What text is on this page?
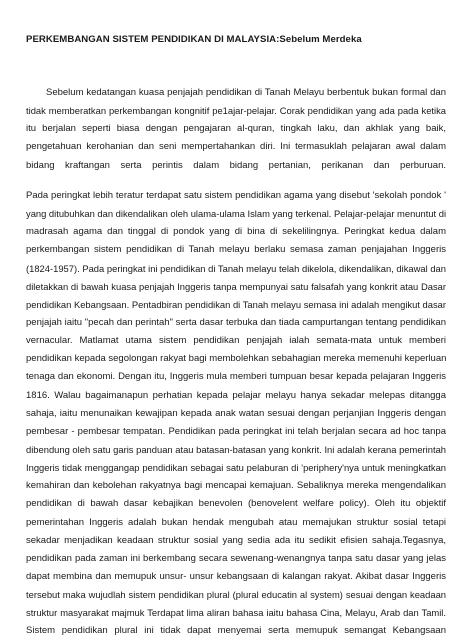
PERKEMBANGAN SISTEM PENDIDIKAN DI MALAYSIA:Sebelum Merdeka
Sebelum kedatangan kuasa penjajah pendidikan di Tanah Melayu berbentuk bukan formal dan
tidak memberatkan perkembangan kongnitif pe1ajar-pelajar. Corak pendidikan yang ada pada ketika
itu berjalan seperti biasa dengan pengajaran al-quran, tingkah laku, dan akhlak yang baik,
pengetahuan kerohanian dan seni mempertahankan diri. Ini termasuklah pelajaran awal dalam
bidang kraftangan serta perintis dalam bidang pertanian, perikanan dan perburuan.
Pada peringkat lebih teratur terdapat satu sistem pendidikan agama yang disebut 'sekolah pondok '
yang ditubuhkan dan dikendalikan oleh ulama-ulama Islam yang terkenal. Pelajar-pelajar menuntut di
madrasah agama dan tinggal di pondok yang di bina di sekelilingnya. Peringkat kedua dalam
perkembangan sistem pendidikan di Tanah melayu berlaku semasa zaman penjajahan Inggeris
(1824-1957). Pada peringkat ini pendidikan di Tanah melayu telah dikelola, dikendalikan, dikawal dan
diletakkan di bawah kuasa penjajah Inggeris tanpa mempunyai satu falsafah yang konkrit atau Dasar
pendidikan Kebangsaan. Pentadbiran pendidikan di Tanah melayu semasa ini adalah mengikut dasar
penjajah iaitu "pecah dan perintah" serta dasar terbuka dan tiada campurtangan tentang pendidikan
vernacular. Matlamat utama sistem pendidikan penjajah ialah semata-mata untuk memberi
pendidikan kepada segolongan rakyat bagi membolehkan sebahagian mereka memenuhi keperluan
tenaga dan ekonomi. Dengan itu, Inggeris mula memberi tumpuan besar kepada pelajaran Inggeris
1816. Walau bagaimanapun perhatian kepada pelajar melayu hanya sekadar melepas ditangga
sahaja, iaitu menunaikan kewajipan kepada anak watan sesuai dengan perjanjian Inggeris dengan
pembesar - pembesar tempatan. Pendidikan pada peringkat ini telah berjalan secara ad hoc tanpa
dibendung oleh satu garis panduan atau batasan-batasan yang konkrit. Ini adalah kerana pemerintah
Inggeris tidak menggangap pendidikan sebagai satu pelaburan di 'periphery'nya untuk meningkatkan
kemahiran dan kebolehan rakyatnya bagi mencapai kemajuan. Sebaliknya mereka mengendalikan
pendidikan di bawah dasar kebajikan benevolen (benovelent welfare policy). Oleh itu objektif
pemerintahan Inggeris adalah bukan hendak mengubah atau memajukan struktur sosial tetapi
sekadar menjadikan keadaan struktur sosial yang sedia ada itu sedikit efisien sahaja.Tegasnya,
pendidikan pada zaman ini berkembang secara sewenang-wenangnya tanpa satu dasar yang jelas
dapat membina dan memupuk unsur- unsur kebangsaan di kalangan rakyat. Akibat dasar Inggeris
tersebut maka wujudlah sistem pendidikan plural (plural educatin al system) sesuai dengan keadaan
struktur masyarakat majmuk Terdapat lima aliran bahasa iaitu bahasa Cina, Melayu, Arab dan Tamil.
Sistem pendidikan plural ini tidak dapat menyemai serta memupuk semangat Kebangsaan
